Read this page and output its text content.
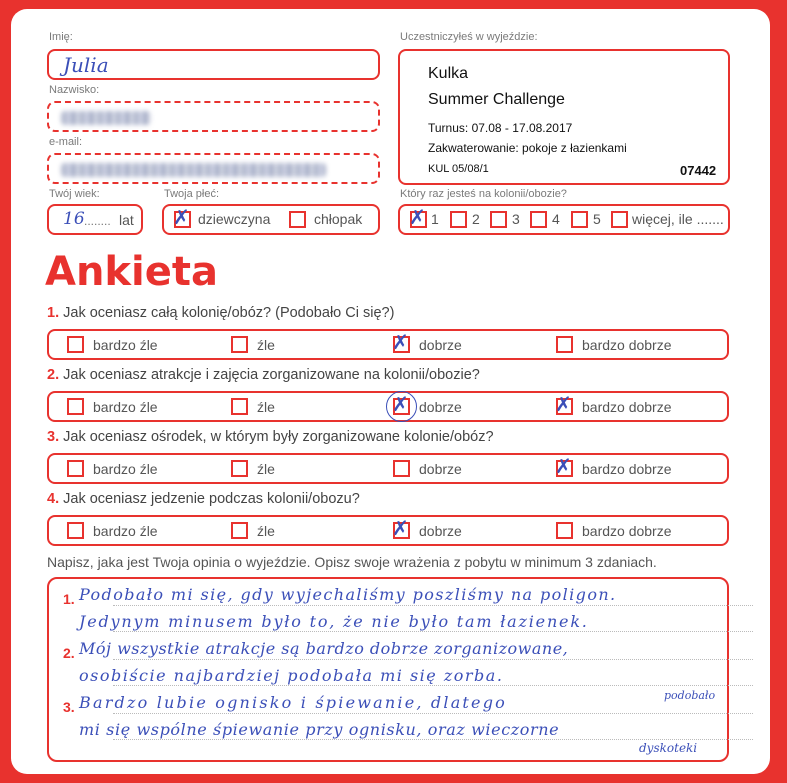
Imię:
Julia
Nazwisko:
e-mail:
Twój wiek:
16 ........ lat
Twoja płeć:
✗ dziewczyna	chłopak
Uczestniczyłeś w wyjeździe:
Kulka
Summer Challenge
Turnus: 07.08 - 17.08.2017
Zakwaterowanie: pokoje z łazienkami
KUL 05/08/1	07442
Który raz jesteś na kolonii/obozie?
✗ 1 2 3 4 5 więcej, ile .......
Ankieta
1. Jak oceniasz całą kolonię/obóz? (Podobało Ci się?)
bardzo źle	źle	✗ dobrze	bardzo dobrze
2. Jak oceniasz atrakcje i zajęcia zorganizowane na kolonii/obozie?
bardzo źle	źle	✗ dobrze	✗ bardzo dobrze
3. Jak oceniasz ośrodek, w którym były zorganizowane kolonie/obóz?
bardzo źle	źle	dobrze	✗ bardzo dobrze
4. Jak oceniasz jedzenie podczas kolonii/obozu?
bardzo źle	źle	✗ dobrze	bardzo dobrze
Napisz, jaka jest Twoja opinia o wyjeździe. Opisz swoje wrażenia z pobytu w minimum 3 zdaniach.
1.
2.
3.
Podobało mi się, gdy wyjechaliśmy poszliśmy na poligon.
Jedynym minusem było to, że nie było tam łazienek.
Mój wszystkie atrakcje są bardzo dobrze zorganizowane,
osobiście najbardziej podobała mi się zorba.
Bardzo lubie ognisko i śpiewanie, dlatego	podobało
mi się wspólne śpiewanie przy ognisku, oraz wieczorne
dyskoteki
